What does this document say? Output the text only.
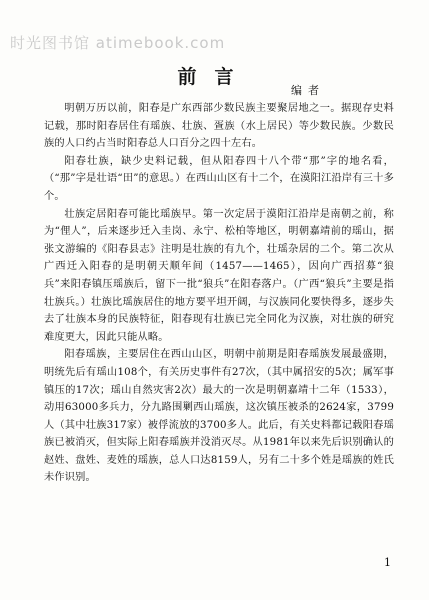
时光图书馆 atimebook.com
前言
编者

明朝万历以前，阳春是广东西部少数民族主要聚居地之一。据现存史料记载，那时阳春居住有瑶族、壮族、疍族（水上居民）等少数民族。少数民族的人口约占当时阳春总人口百分之四十左右。

阳春壮族，缺少史料记载，但从阳春四十八个带“那”字的地名看，（“那”字是壮语“田”的意思。）在西山山区有十二个，在漠阳江沿岸有三十多个。

壮族定居阳春可能比瑶族早。第一次定居于漠阳江沿岸是南朝之前，称为“俚人”，后来逐步迁入圭岗、永宁、松柏等地区，明朝嘉靖前的瑶山，据张文游编的《阳春县志》注明是壮族的有九个，壮瑶杂居的二个。第二次从广西迁入阳春的是明朝天顺年间（1457——1465），因向广西招募“狼兵”来阳春镇压瑶族后，留下一批“狼兵”在阳春落户。（广西“狼兵”主要是指壮族兵。）壮族比瑶族居住的地方要平坦开阔，与汉族同化要快得多，逐步失去了壮族本身的民族特征，阳春现有壮族已完全同化为汉族，对壮族的研究难度更大，因此只能从略。

阳春瑶族，主要居住在西山山区，明朝中前期是阳春瑶族发展最盛期，明统先后有瑶山108个，有关历史事件有27次，（其中属招安的5次；属军事镇压的17次；瑶山自然灾害2次）最大的一次是明朝嘉靖十二年（1533），动用63000多兵力，分九路围剿西山瑶族，这次镇压被杀的2624家，3799人（其中壮族317家）被俘流放的3700多人。此后，有关史料都记载阳春瑶族已被消灭，但实际上阳春瑶族并没消灭尽。从1981年以来先后识别确认的赵姓、盘姓、麦姓的瑶族，总人口达8159人，另有二十多个姓是瑶族的姓氏未作识别。

1
